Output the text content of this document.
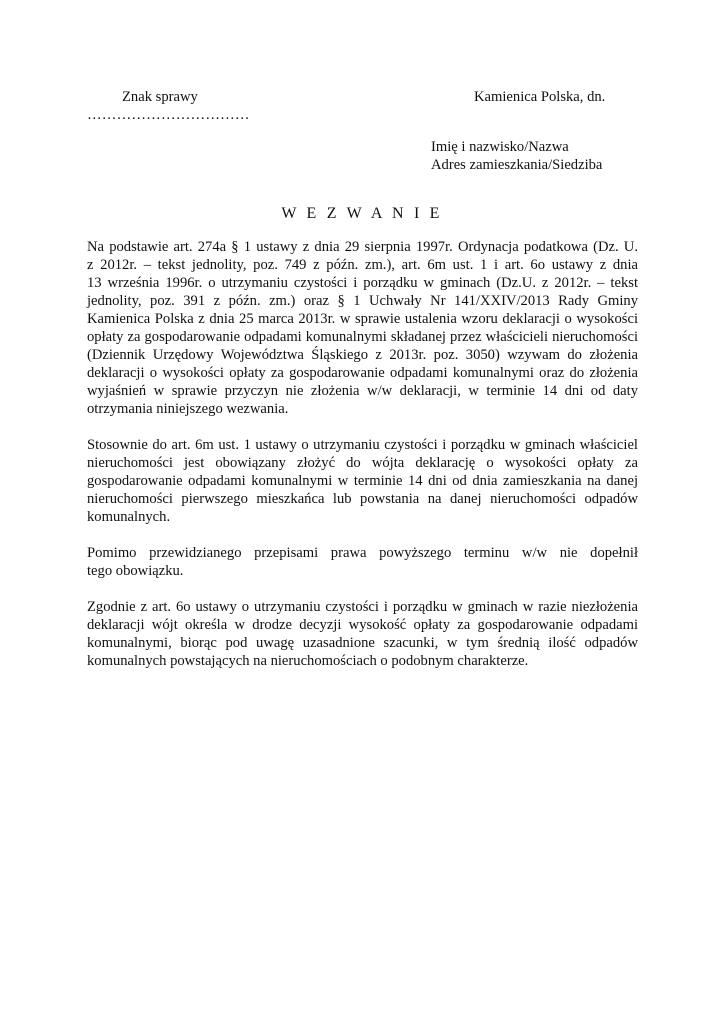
Znak sprawy
……………………………
Kamienica Polska, dn.
Imię i nazwisko/Nazwa
Adres zamieszkania/Siedziba
W E Z W A N I E

Na podstawie art. 274a § 1 ustawy z dnia 29 sierpnia 1997r. Ordynacja podatkowa (Dz. U.
z 2012r. – tekst jednolity, poz. 749 z późn. zm.), art. 6m ust. 1 i art. 6o ustawy z dnia
13 września 1996r. o utrzymaniu czystości i porządku w gminach (Dz.U. z 2012r. – tekst
jednolity, poz. 391 z późn. zm.) oraz § 1 Uchwały Nr 141/XXIV/2013 Rady Gminy
Kamienica Polska z dnia 25 marca 2013r. w sprawie ustalenia wzoru deklaracji o wysokości
opłaty za gospodarowanie odpadami komunalnymi składanej przez właścicieli nieruchomości
(Dziennik Urzędowy Województwa Śląskiego z 2013r. poz. 3050) wzywam do złożenia
deklaracji o wysokości opłaty za gospodarowanie odpadami komunalnymi oraz do złożenia
wyjaśnień w sprawie przyczyn nie złożenia w/w deklaracji, w terminie 14 dni od daty
otrzymania niniejszego wezwania.

Stosownie do art. 6m ust. 1 ustawy o utrzymaniu czystości i porządku w gminach właściciel
nieruchomości jest obowiązany złożyć do wójta deklarację o wysokości opłaty za
gospodarowanie odpadami komunalnymi w terminie 14 dni od dnia zamieszkania na danej
nieruchomości pierwszego mieszkańca lub powstania na danej nieruchomości odpadów
komunalnych.

Pomimo przewidzianego przepisami prawa powyższego terminu w/w nie dopełnił
tego obowiązku.

Zgodnie z art. 6o ustawy o utrzymaniu czystości i porządku w gminach w razie niezłożenia
deklaracji wójt określa w drodze decyzji wysokość opłaty za gospodarowanie odpadami
komunalnymi, biorąc pod uwagę uzasadnione szacunki, w tym średnią ilość odpadów
komunalnych powstających na nieruchomościach o podobnym charakterze.
